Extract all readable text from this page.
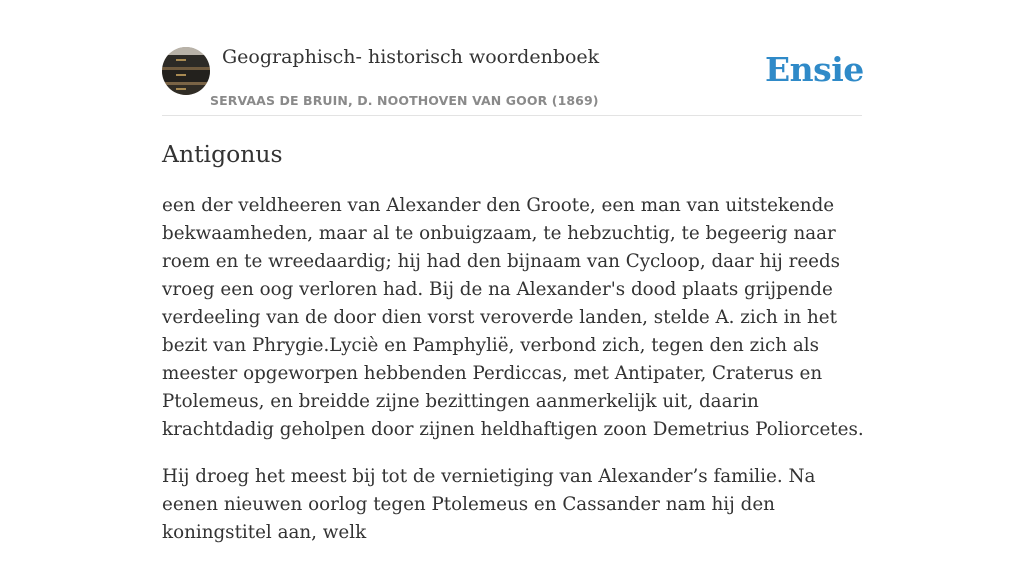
Geographisch- historisch woordenboek
SERVAAS DE BRUIN, D. NOOTHOVEN VAN GOOR (1869)
Ensie
Antigonus

een der veldheeren van Alexander den Groote, een man van uitstekende bekwaamheden, maar al te onbuigzaam, te hebzuchtig, te begeerig naar roem en te wreedaardig; hij had den bijnaam van Cycloop, daar hij reeds vroeg een oog verloren had. Bij de na Alexander's dood plaats grijpende verdeeling van de door dien vorst veroverde landen, stelde A. zich in het bezit van Phrygie.Lyciè en Pamphylië, verbond zich, tegen den zich als meester opgeworpen hebbenden Perdiccas, met Antipater, Craterus en Ptolemeus, en breidde zijne bezittingen aanmerkelijk uit, daarin krachtdadig geholpen door zijnen heldhaftigen zoon Demetrius Poliorcetes.

Hij droeg het meest bij tot de vernietiging van Alexander’s familie. Na eenen nieuwen oorlog tegen Ptolemeus en Cassander nam hij den koningstitel aan, welk
